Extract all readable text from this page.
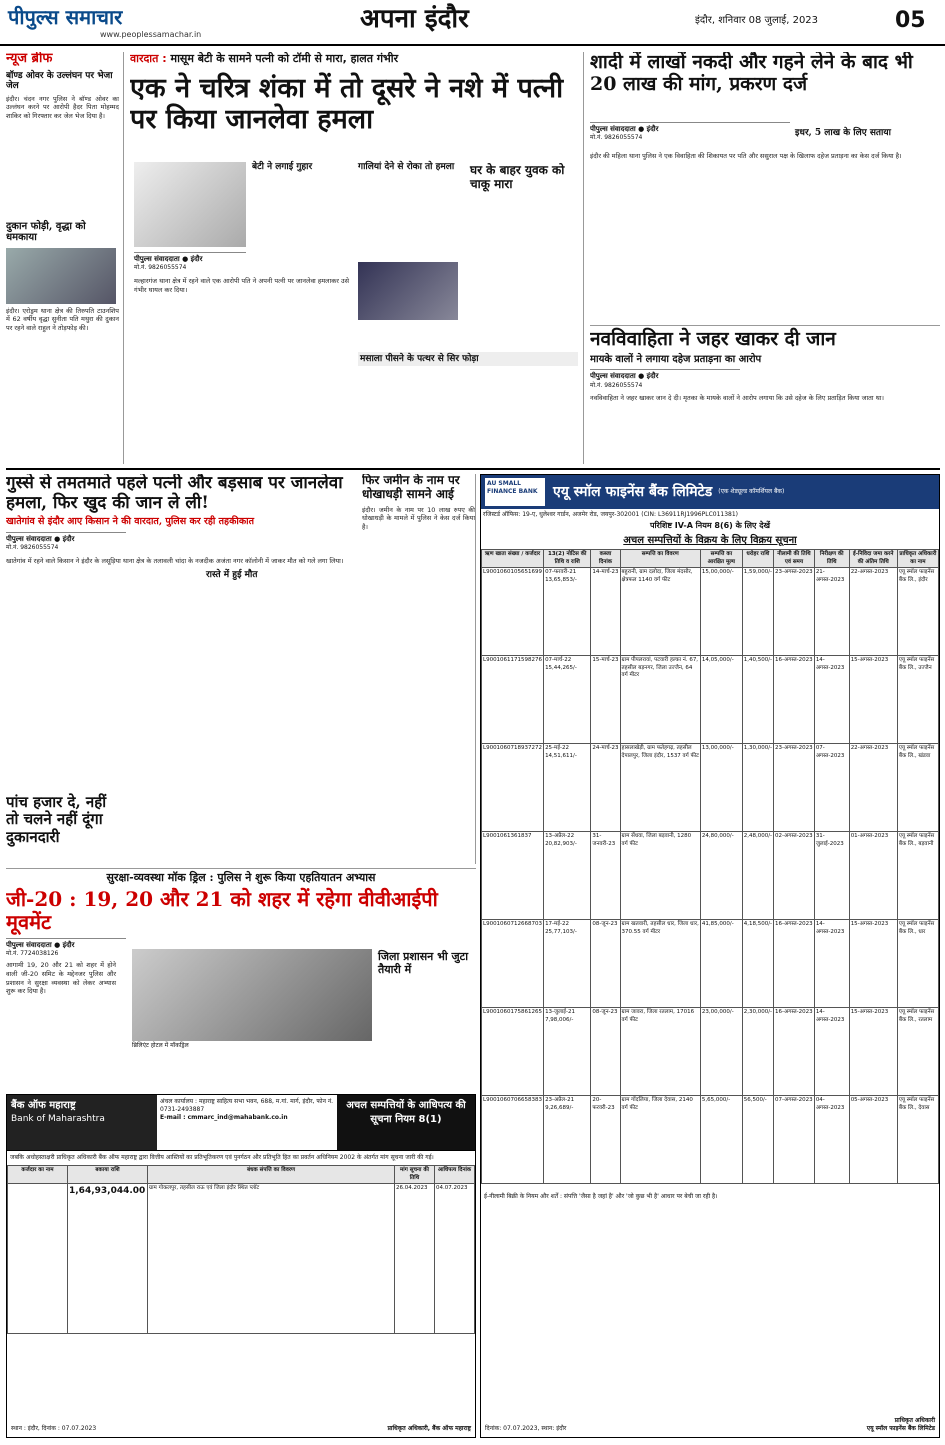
पीपुल्स समाचार
www.peoplessamachar.in
अपना इंदौर	इंदौर, शनिवार 08 जुलाई, 2023	05
न्यूज ब्रीफ
बॉण्ड ओवर के उल्लंघन पर भेजा जेल
इंदौर। चंदन नगर पुलिस ने बॉण्ड ओवर का उल्लंघन करने पर आरोपी हैदर पिता मोहम्मद शाकिर को गिरफ्तार कर जेल भेज दिया है।
दुकान फोड़ी, वृद्धा को धमकाया
इंदौर। एरोड्रम थाना क्षेत्र की तिरुपति टाउनशिप में 62 वर्षीय वृद्धा सुनीता पति मथुरा की दुकान पर रहने वाले राहुल ने तोड़फोड़ की।
वारदात : मासूम बेटी के सामने पत्नी को टॉमी से मारा, हालत गंभीर
एक ने चरित्र शंका में तो दूसरे ने नशे में पत्नी पर किया जानलेवा हमला
पीपुल्स संवाददाता ● इंदौर
मो.नं. 9826055574
बेटी ने लगाई गुहार	गालियां देने से रोका तो हमला	घर के बाहर युवक को चाकू मारा
मसाला पीसने के पत्थर से सिर फोड़ा
मल्हारगंज थाना क्षेत्र में रहने वाले एक आरोपी पति ने अपनी पत्नी पर जानलेवा हमलाकर उसे गंभीर घायल कर दिया।
शादी में लाखों नकदी और गहने लेने के बाद भी 20 लाख की मांग, प्रकरण दर्ज
पीपुल्स संवाददाता ● इंदौर
मो.नं. 9826055574	इधर, 5 लाख के लिए सताया
इंदौर की महिला थाना पुलिस ने एक विवाहिता की शिकायत पर पति और ससुराल पक्ष के खिलाफ दहेज प्रताड़ना का केस दर्ज किया है।
नवविवाहिता ने जहर खाकर दी जान
मायके वालों ने लगाया दहेज प्रताड़ना का आरोप
पीपुल्स संवाददाता ● इंदौर
मो.नं. 9826055574
नवविवाहिता ने जहर खाकर जान दे दी। मृतका के मायके वालों ने आरोप लगाया कि उसे दहेज के लिए प्रताड़ित किया जाता था।
गुस्से से तमतमाते पहले पत्नी और बड़साब पर जानलेवा हमला, फिर खुद की जान ले ली!
खातेगांव से इंदौर आए किसान ने की वारदात, पुलिस कर रही तहकीकात
पीपुल्स संवाददाता ● इंदौर
मो.नं. 9826055574
रास्ते में हुई मौत
खातेगांव में रहने वाले किसान ने इंदौर के लसूड़िया थाना क्षेत्र के तलावली चांदा के नजदीक अजंता नगर कॉलोनी में जाकर मौत को गले लगा लिया।
पांच हजार दे, नहीं तो चलने नहीं दूंगा दुकानदारी
फिर जमीन के नाम पर धोखाधड़ी सामने आई
इंदौर। जमीन के नाम पर 10 लाख रुपए की धोखाधड़ी के मामले में पुलिस ने केस दर्ज किया है।
सुरक्षा-व्यवस्था मॉक ड्रिल : पुलिस ने शुरू किया एहतियातन अभ्यास
जी-20 : 19, 20 और 21 को शहर में रहेगा वीवीआईपी मूवमेंट
पीपुल्स संवाददाता ● इंदौर
मो.नं. 7724038126
आगामी 19, 20 और 21 को शहर में होने वाली जी-20 समिट के मद्देनजर पुलिस और प्रशासन ने सुरक्षा व्यवस्था को लेकर अभ्यास शुरू कर दिया है।
ब्रिलिएंट होटल में मॉकड्रिल
जिला प्रशासन भी जुटा तैयारी में
AU SMALL FINANCE BANK	एयू स्मॉल फाइनेंस बैंक लिमिटेड (एक शेड्यूल्ड कॉमर्शियल बैंक)
रजिस्टर्ड ऑफिस: 19-ए, धुलेश्वर गार्डन, अजमेर रोड, जयपुर-302001 (CIN: L36911RJ1996PLC011381)
परिशिष्ट IV-A नियम 8(6) के लिए देखें
अचल सम्पत्तियों के विक्रय के लिए विक्रय सूचना
ऋण खाता संख्या / कर्जदार	13(2) नोटिस की तिथि व राशि	कब्जा दिनांक	सम्पत्ति का विवरण	सम्पत्ति का आरक्षित मूल्य	धरोहर राशि	नीलामी की तिथि एवं समय	निरीक्षण की तिथि	ई-निविदा जमा करने की अंतिम तिथि	प्राधिकृत अधिकारी का नाम
L9001060105651699	07-फरवरी-21 13,65,853/-	14-मार्च-23	बहुरानी, ग्राम दलोदा, जिला मंदसौर, क्षेत्रफल 1140 वर्ग फीट	15,00,000/-	1,59,000/-	23-अगस्त-2023	21-अगस्त-2023	22-अगस्त-2023	एयू स्मॉल फाइनेंस बैंक लि., इंदौर
L9001061171598276	07-मार्च-22 15,44,265/-	15-मार्च-23	ग्राम पीपलरावां, पटवारी हल्का नं. 67, तहसील बड़नगर, जिला उज्जैन, 64 वर्ग मीटर	14,05,000/-	1,40,500/-	16-अगस्त-2023	14-अगस्त-2023	15-अगस्त-2023	एयू स्मॉल फाइनेंस बैंक लि., उज्जैन
L9001060718937272	25-मई-22 14,51,611/-	24-मार्च-23	हासलाखेड़ी, ग्राम फतेहगढ़, तहसील देपालपुर, जिला इंदौर, 1537 वर्ग फीट	13,00,000/-	1,30,000/-	23-अगस्त-2023	07-अगस्त-2023	22-अगस्त-2023	एयू स्मॉल फाइनेंस बैंक लि., खंडवा
L9001061361837	13-अप्रैल-22 20,82,903/-	31-जनवरी-23	ग्राम सेंधवा, जिला बड़वानी, 1280 वर्ग फीट	24,80,000/-	2,48,000/-	02-अगस्त-2023	31-जुलाई-2023	01-अगस्त-2023	एयू स्मॉल फाइनेंस बैंक लि., बड़वानी
L9001060712668703	17-मई-22 25,77,103/-	08-जून-23	ग्राम खतवारी, तहसील धार, जिला धार, 370.55 वर्ग मीटर	41,85,000/-	4,18,500/-	16-अगस्त-2023	14-अगस्त-2023	15-अगस्त-2023	एयू स्मॉल फाइनेंस बैंक लि., धार
L9001060175861265	13-जुलाई-21 7,98,006/-	08-जून-23	ग्राम जावरा, जिला रतलाम, 17016 वर्ग फीट	23,00,000/-	2,30,000/-	16-अगस्त-2023	14-अगस्त-2023	15-अगस्त-2023	एयू स्मॉल फाइनेंस बैंक लि., रतलाम
L9001060706658383	23-अप्रैल-21 9,26,689/-	20-फरवरी-23	ग्राम गोंदलिया, जिला देवास, 2140 वर्ग फीट	5,65,000/-	56,500/-	07-अगस्त-2023	04-अगस्त-2023	05-अगस्त-2023	एयू स्मॉल फाइनेंस बैंक लि., देवास
ई-नीलामी बिक्री के नियम और शर्तें : संपत्ति 'जैसा है जहां है' और 'जो कुछ भी है' आधार पर बेची जा रही है।
दिनांक: 07.07.2023, स्थान: इंदौर
प्राधिकृत अधिकारी
एयू स्मॉल फाइनेंस बैंक लिमिटेड
बैंक ऑफ महाराष्ट्र
Bank of Maharashtra
अंचल कार्यालय : महाराष्ट्र साहित्य सभा भवन, 688, म.गां. मार्ग, इंदौर, फोन नं. 0731-2493887
E-mail : cmmarc_ind@mahabank.co.in
अचल सम्पत्तियों के आधिपत्य की सूचना नियम 8(1)
जबकि अधोहस्ताक्षरी प्राधिकृत अधिकारी बैंक ऑफ महाराष्ट्र द्वारा वित्तीय आस्तियों का प्रतिभूतिकरण एवं पुनर्गठन और प्रतिभूति हित का प्रवर्तन अधिनियम 2002 के अंतर्गत मांग सूचना जारी की गई।
कर्जदार का नाम	बकाया राशि	बंधक संपत्ति का विवरण	मांग सूचना की तिथि	आधिपत्य दिनांक
	1,64,93,044.00	ग्राम गोकलपुर, तहसील राऊ एवं जिला इंदौर स्थित प्लॉट	26.04.2023	04.07.2023
स्थान : इंदौर, दिनांक : 07.07.2023	प्राधिकृत अधिकारी, बैंक ऑफ महाराष्ट्र
